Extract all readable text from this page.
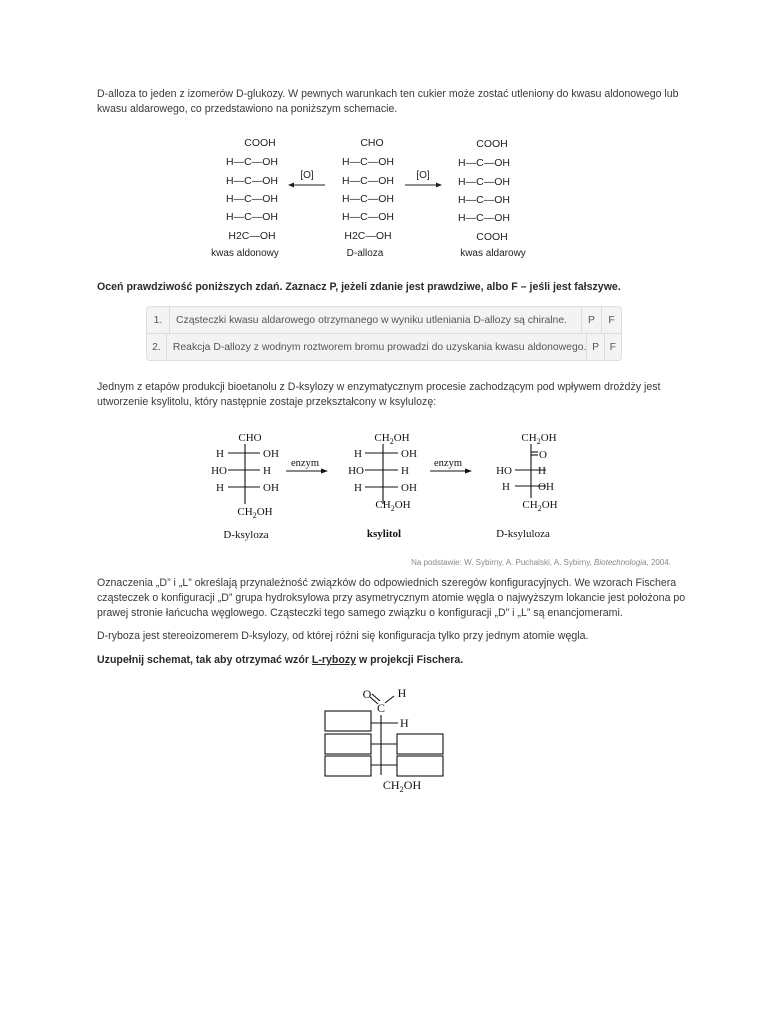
D-alloza to jeden z izomerów D-glukozy. W pewnych warunkach ten cukier może zostać utleniony do kwasu aldonowego lub kwasu aldarowego, co przedstawiono na poniższym schemacie.

COOH
H—C—OH
H—C—OH
H—C—OH
H—C—OH
H2C—OH
kwas aldonowy
[O]
CHO
H—C—OH
H—C—OH
H—C—OH
H—C—OH
H2C—OH
D-alloza
[O]
COOH
H—C—OH
H—C—OH
H—C—OH
H—C—OH
COOH
kwas aldarowy

Oceń prawdziwość poniższych zdań. Zaznacz P, jeżeli zdanie jest prawdziwe, albo F – jeśli jest fałszywe.

1.	Cząsteczki kwasu aldarowego otrzymanego w wyniku utleniania D-allozy są chiralne.	P	F
2.	Reakcja D-allozy z wodnym roztworem bromu prowadzi do uzyskania kwasu aldonowego. P	F

Jednym z etapów produkcji bioetanolu z D-ksylozy w enzymatycznym procesie zachodzącym pod wpływem drożdży jest utworzenie ksylitolu, który następnie zostaje przekształcony w ksylulozę:

CHO
H	OH
HO	H
H	OH
$CH_2OH$
D-ksyloza
enzym
$CH_2OH$
H	OH
HO	H
H	OH
$CH_2OH$
ksylitol
enzym
$CH_2OH$
O
HO H
H	OH
$CH_2OH$
D-ksyluloza
Na podstawie: W. Sybirny, A. Puchalski, A. Sybirny, Biotechnologia, 2004.

Oznaczenia „D” i „L” określają przynależność związków do odpowiednich szeregów konfiguracyjnych. We wzorach Fischera cząsteczek o konfiguracji „D” grupa hydroksylowa przy asymetrycznym atomie węgla o najwyższym lokancie jest położona po prawej stronie łańcucha węglowego. Cząsteczki tego samego związku o konfiguracji „D” i „L” są enancjomerami.

D-ryboza jest stereoizomerem D-ksylozy, od której różni się konfiguracja tylko przy jednym atomie węgla.

Uzupełnij schemat, tak aby otrzymać wzór L-rybozy w projekcji Fischera.

O
C
H
H
$CH_2OH$
